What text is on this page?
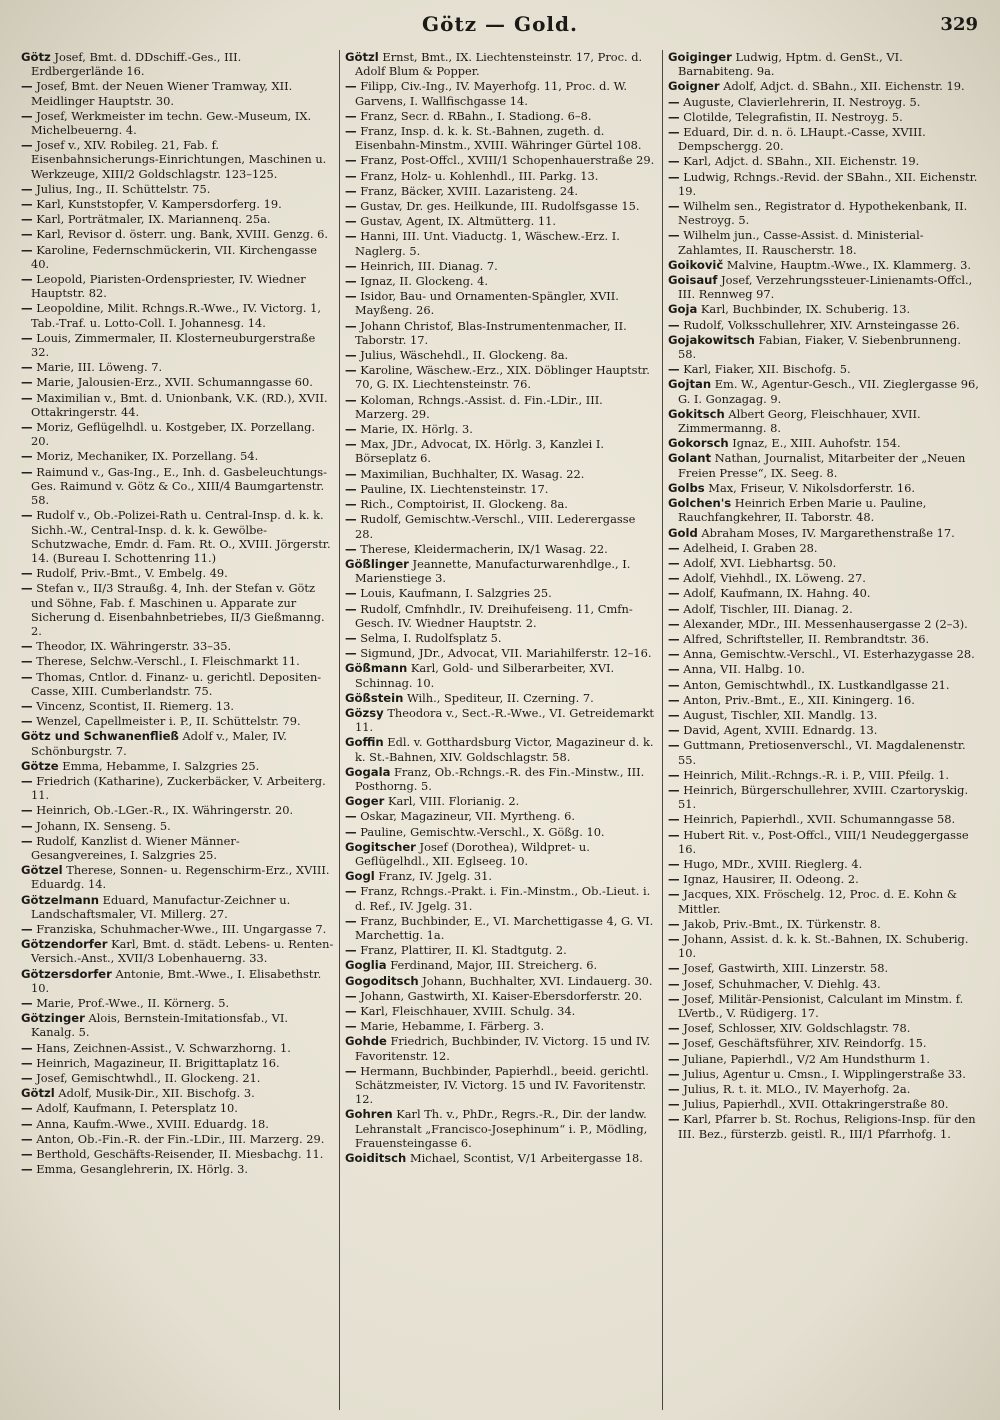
Götz — Gold.	329
Götz Josef, Bmt. d. DDschiff.-Ges., III. Erdbergerlände 16.
— Josef, Bmt. der Neuen Wiener Tramway, XII. Meidlinger Hauptstr. 30.
— Josef, Werkmeister im techn. Gew.-Museum, IX. Michelbeuerng. 4.
— Josef v., XIV. Robileg. 21, Fab. f. Eisenbahnsicherungs-Einrichtungen, Maschinen u. Werkzeuge, XIII/2 Goldschlagstr. 123–125.
— Julius, Ing., II. Schüttelstr. 75.
— Karl, Kunststopfer, V. Kampersdorferg. 19.
— Karl, Porträtmaler, IX. Mariannenq. 25a.
— Karl, Revisor d. österr. ung. Bank, XVIII. Genzg. 6.
— Karoline, Federnschmückerin, VII. Kirchengasse 40.
— Leopold, Piaristen-Ordenspriester, IV. Wiedner Hauptstr. 82.
— Leopoldine, Milit. Rchngs.R.-Wwe., IV. Victorg. 1, Tab.-Traf. u. Lotto-Coll. I. Johannesg. 14.
— Louis, Zimmermaler, II. Klosterneuburgerstraße 32.
— Marie, III. Löweng. 7.
— Marie, Jalousien-Erz., XVII. Schumanngasse 60.
— Maximilian v., Bmt. d. Unionbank, V.K. (RD.), XVII. Ottakringerstr. 44.
— Moriz, Geflügelhdl. u. Kostgeber, IX. Porzellang. 20.
— Moriz, Mechaniker, IX. Porzellang. 54.
— Raimund v., Gas-Ing., E., Inh. d. Gasbeleuchtungs-Ges. Raimund v. Götz & Co., XIII/4 Baumgartenstr. 58.
— Rudolf v., Ob.-Polizei-Rath u. Central-Insp. d. k. k. Sichh.-W., Central-Insp. d. k. k. Gewölbe-Schutzwache, Emdr. d. Fam. Rt. O., XVIII. Jörgerstr. 14. (Bureau I. Schottenring 11.)
— Rudolf, Priv.-Bmt., V. Embelg. 49.
— Stefan v., II/3 Straußg. 4, Inh. der Stefan v. Götz und Söhne, Fab. f. Maschinen u. Apparate zur Sicherung d. Eisenbahnbetriebes, II/3 Gießmanng. 2.
— Theodor, IX. Währingerstr. 33–35.
— Therese, Selchw.-Verschl., I. Fleischmarkt 11.
— Thomas, Cntlor. d. Finanz- u. gerichtl. Depositen-Casse, XIII. Cumberlandstr. 75.
— Vincenz, Scontist, II. Riemerg. 13.
— Wenzel, Capellmeister i. P., II. Schüttelstr. 79.
Götz und Schwanenfließ Adolf v., Maler, IV. Schönburgstr. 7.
Götze Emma, Hebamme, I. Salzgries 25.
— Friedrich (Katharine), Zuckerbäcker, V. Arbeiterg. 11.
— Heinrich, Ob.-LGer.-R., IX. Währingerstr. 20.
— Johann, IX. Senseng. 5.
— Rudolf, Kanzlist d. Wiener Männer-Gesangvereines, I. Salzgries 25.
Götzel Therese, Sonnen- u. Regenschirm-Erz., XVIII. Eduardg. 14.
Götzelmann Eduard, Manufactur-Zeichner u. Landschaftsmaler, VI. Millerg. 27.
— Franziska, Schuhmacher-Wwe., III. Ungargasse 7.
Götzendorfer Karl, Bmt. d. städt. Lebens- u. Renten-Versich.-Anst., XVII/3 Lobenhauerng. 33.
Götzersdorfer Antonie, Bmt.-Wwe., I. Elisabethstr. 10.
— Marie, Prof.-Wwe., II. Körnerg. 5.
Götzinger Alois, Bernstein-Imitationsfab., VI. Kanalg. 5.
— Hans, Zeichnen-Assist., V. Schwarzhorng. 1.
— Heinrich, Magazineur, II. Brigittaplatz 16.
— Josef, Gemischtwhdl., II. Glockeng. 21.
Götzl Adolf, Musik-Dir., XII. Bischofg. 3.
— Adolf, Kaufmann, I. Petersplatz 10.
— Anna, Kaufm.-Wwe., XVIII. Eduardg. 18.
— Anton, Ob.-Fin.-R. der Fin.-LDir., III. Marzerg. 29.
— Berthold, Geschäfts-Reisender, II. Miesbachg. 11.
— Emma, Gesanglehrerin, IX. Hörlg. 3.
Götzl Ernst, Bmt., IX. Liechtensteinstr. 17, Proc. d. Adolf Blum & Popper.
— Filipp, Civ.-Ing., IV. Mayerhofg. 11, Proc. d. W. Garvens, I. Wallfischgasse 14.
— Franz, Secr. d. RBahn., I. Stadiong. 6–8.
— Franz, Insp. d. k. k. St.-Bahnen, zugeth. d. Eisenbahn-Minstm., XVIII. Währinger Gürtel 108.
— Franz, Post-Offcl., XVIII/1 Schopenhauerstraße 29.
— Franz, Holz- u. Kohlenhdl., III. Parkg. 13.
— Franz, Bäcker, XVIII. Lazaristeng. 24.
— Gustav, Dr. ges. Heilkunde, III. Rudolfsgasse 15.
— Gustav, Agent, IX. Altmütterg. 11.
— Hanni, III. Unt. Viaductg. 1, Wäschew.-Erz. I. Naglerg. 5.
— Heinrich, III. Dianag. 7.
— Ignaz, II. Glockeng. 4.
— Isidor, Bau- und Ornamenten-Spängler, XVII. Mayßeng. 26.
— Johann Christof, Blas-Instrumentenmacher, II. Taborstr. 17.
— Julius, Wäschehdl., II. Glockeng. 8a.
— Karoline, Wäschew.-Erz., XIX. Döblinger Hauptstr. 70, G. IX. Liechtensteinstr. 76.
— Koloman, Rchngs.-Assist. d. Fin.-LDir., III. Marzerg. 29.
— Marie, IX. Hörlg. 3.
— Max, JDr., Advocat, IX. Hörlg. 3, Kanzlei I. Börseplatz 6.
— Maximilian, Buchhalter, IX. Wasag. 22.
— Pauline, IX. Liechtensteinstr. 17.
— Rich., Comptoirist, II. Glockeng. 8a.
— Rudolf, Gemischtw.-Verschl., VIII. Lederergasse 28.
— Therese, Kleidermacherin, IX/1 Wasag. 22.
Gößlinger Jeannette, Manufacturwarenhdlge., I. Marienstiege 3.
— Louis, Kaufmann, I. Salzgries 25.
— Rudolf, Cmfnhdlr., IV. Dreihufeiseng. 11, Cmfn-Gesch. IV. Wiedner Hauptstr. 2.
— Selma, I. Rudolfsplatz 5.
— Sigmund, JDr., Advocat, VII. Mariahilferstr. 12–16.
Gößmann Karl, Gold- und Silberarbeiter, XVI. Schinnag. 10.
Gößstein Wilh., Spediteur, II. Czerning. 7.
Gözsy Theodora v., Sect.-R.-Wwe., VI. Getreidemarkt 11.
Goffin Edl. v. Gotthardsburg Victor, Magazineur d. k. k. St.-Bahnen, XIV. Goldschlagstr. 58.
Gogala Franz, Ob.-Rchngs.-R. des Fin.-Minstw., III. Posthorng. 5.
Goger Karl, VIII. Florianig. 2.
— Oskar, Magazineur, VII. Myrtheng. 6.
— Pauline, Gemischtw.-Verschl., X. Gößg. 10.
Gogitscher Josef (Dorothea), Wildpret- u. Geflügelhdl., XII. Eglseeg. 10.
Gogl Franz, IV. Jgelg. 31.
— Franz, Rchngs.-Prakt. i. Fin.-Minstm., Ob.-Lieut. i. d. Ref., IV. Jgelg. 31.
— Franz, Buchbinder, E., VI. Marchettigasse 4, G. VI. Marchettig. 1a.
— Franz, Plattirer, II. Kl. Stadtgutg. 2.
Goglia Ferdinand, Major, III. Streicherg. 6.
Gogoditsch Johann, Buchhalter, XVI. Lindauerg. 30.
— Johann, Gastwirth, XI. Kaiser-Ebersdorferstr. 20.
— Karl, Fleischhauer, XVIII. Schulg. 34.
— Marie, Hebamme, I. Färberg. 3.
Gohde Friedrich, Buchbinder, IV. Victorg. 15 und IV. Favoritenstr. 12.
— Hermann, Buchbinder, Papierhdl., beeid. gerichtl. Schätzmeister, IV. Victorg. 15 und IV. Favoritenstr. 12.
Gohren Karl Th. v., PhDr., Regrs.-R., Dir. der landw. Lehranstalt „Francisco-Josephinum“ i. P., Mödling, Frauensteingasse 6.
Goiditsch Michael, Scontist, V/1 Arbeitergasse 18.
Goiginger Ludwig, Hptm. d. GenSt., VI. Barnabiteng. 9a.
Goigner Adolf, Adjct. d. SBahn., XII. Eichenstr. 19.
— Auguste, Clavierlehrerin, II. Nestroyg. 5.
— Clotilde, Telegrafistin, II. Nestroyg. 5.
— Eduard, Dir. d. n. ö. LHaupt.-Casse, XVIII. Dempschergg. 20.
— Karl, Adjct. d. SBahn., XII. Eichenstr. 19.
— Ludwig, Rchngs.-Revid. der SBahn., XII. Eichenstr. 19.
— Wilhelm sen., Registrator d. Hypothekenbank, II. Nestroyg. 5.
— Wilhelm jun., Casse-Assist. d. Ministerial-Zahlamtes, II. Rauscherstr. 18.
Goikovič Malvine, Hauptm.-Wwe., IX. Klammerg. 3.
Goisauf Josef, Verzehrungssteuer-Linienamts-Offcl., III. Rennweg 97.
Goja Karl, Buchbinder, IX. Schuberig. 13.
— Rudolf, Volksschullehrer, XIV. Arnsteingasse 26.
Gojakowitsch Fabian, Fiaker, V. Siebenbrunneng. 58.
— Karl, Fiaker, XII. Bischofg. 5.
Gojtan Em. W., Agentur-Gesch., VII. Zieglergasse 96, G. I. Gonzagag. 9.
Gokitsch Albert Georg, Fleischhauer, XVII. Zimmermanng. 8.
Gokorsch Ignaz, E., XIII. Auhofstr. 154.
Golant Nathan, Journalist, Mitarbeiter der „Neuen Freien Presse“, IX. Seeg. 8.
Golbs Max, Friseur, V. Nikolsdorferstr. 16.
Golchen's Heinrich Erben Marie u. Pauline, Rauchfangkehrer, II. Taborstr. 48.
Gold Abraham Moses, IV. Margarethenstraße 17.
— Adelheid, I. Graben 28.
— Adolf, XVI. Liebhartsg. 50.
— Adolf, Viehhdl., IX. Löweng. 27.
— Adolf, Kaufmann, IX. Hahng. 40.
— Adolf, Tischler, III. Dianag. 2.
— Alexander, MDr., III. Messenhausergasse 2 (2–3).
— Alfred, Schriftsteller, II. Rembrandtstr. 36.
— Anna, Gemischtw.-Verschl., VI. Esterhazygasse 28.
— Anna, VII. Halbg. 10.
— Anton, Gemischtwhdl., IX. Lustkandlgasse 21.
— Anton, Priv.-Bmt., E., XII. Kiningerg. 16.
— August, Tischler, XII. Mandlg. 13.
— David, Agent, XVIII. Ednardg. 13.
— Guttmann, Pretiosenverschl., VI. Magdalenenstr. 55.
— Heinrich, Milit.-Rchngs.-R. i. P., VIII. Pfeilg. 1.
— Heinrich, Bürgerschullehrer, XVIII. Czartoryskig. 51.
— Heinrich, Papierhdl., XVII. Schumanngasse 58.
— Hubert Rit. v., Post-Offcl., VIII/1 Neudeggergasse 16.
— Hugo, MDr., XVIII. Rieglerg. 4.
— Ignaz, Hausirer, II. Odeong. 2.
— Jacques, XIX. Fröschelg. 12, Proc. d. E. Kohn & Mittler.
— Jakob, Priv.-Bmt., IX. Türkenstr. 8.
— Johann, Assist. d. k. k. St.-Bahnen, IX. Schuberig. 10.
— Josef, Gastwirth, XIII. Linzerstr. 58.
— Josef, Schuhmacher, V. Diehlg. 43.
— Josef, Militär-Pensionist, Calculant im Minstm. f. LVertb., V. Rüdigerg. 17.
— Josef, Schlosser, XIV. Goldschlagstr. 78.
— Josef, Geschäftsführer, XIV. Reindorfg. 15.
— Juliane, Papierhdl., V/2 Am Hundsthurm 1.
— Julius, Agentur u. Cmsn., I. Wipplingerstraße 33.
— Julius, R. t. it. MLO., IV. Mayerhofg. 2a.
— Julius, Papierhdl., XVII. Ottakringerstraße 80.
— Karl, Pfarrer b. St. Rochus, Religions-Insp. für den III. Bez., fürsterzb. geistl. R., III/1 Pfarrhofg. 1.
